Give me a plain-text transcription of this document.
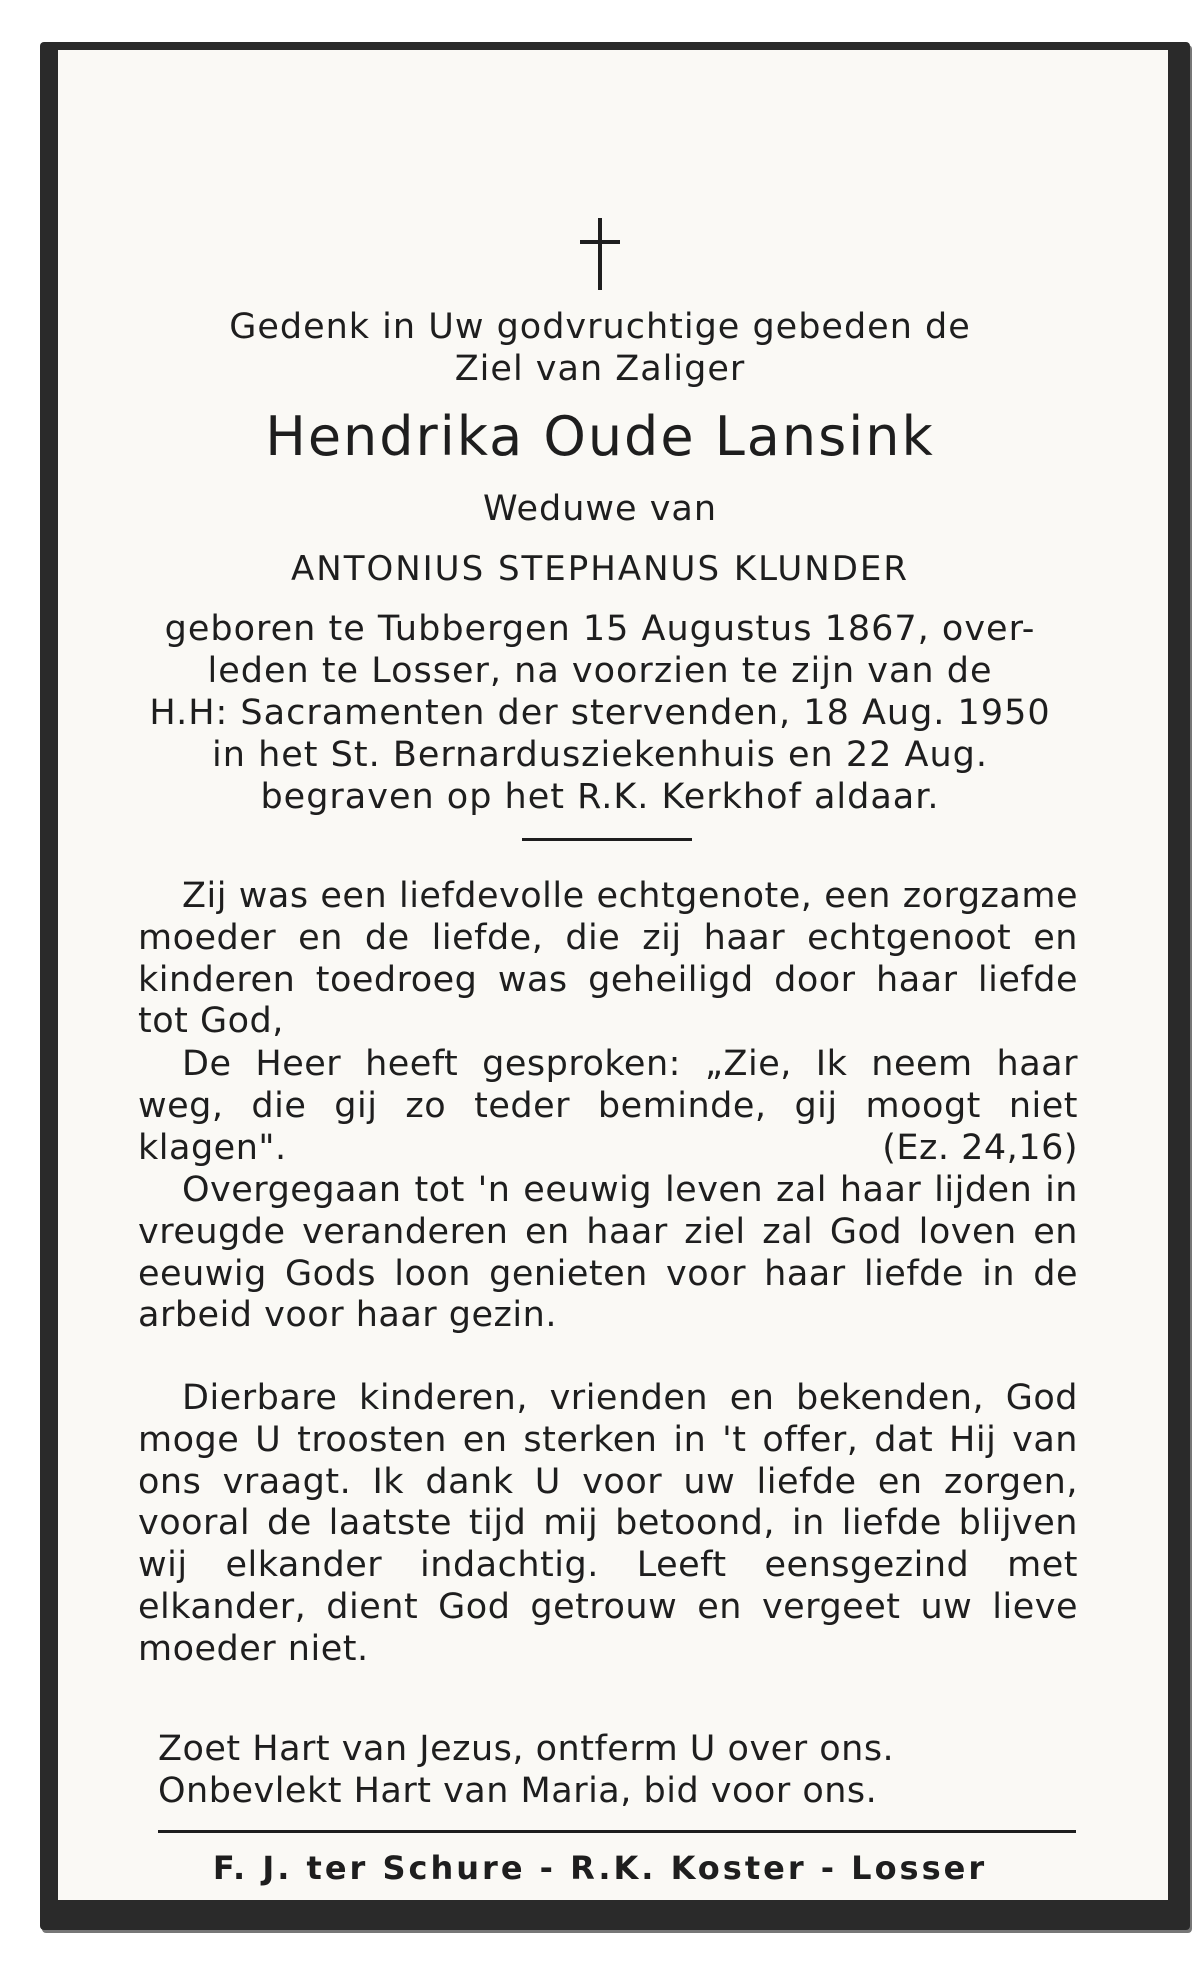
Gedenk in Uw godvruchtige gebeden de
Ziel van Zaliger
Hendrika Oude Lansink
Weduwe van
ANTONIUS STEPHANUS KLUNDER
geboren te Tubbergen 15 Augustus 1867, over-
leden te Losser, na voorzien te zijn van de
H.H: Sacramenten der stervenden, 18 Aug. 1950
in het St. Bernardusziekenhuis en 22 Aug.
begraven op het R.K. Kerkhof aldaar.
Zij was een liefdevolle echtgenote, een zorgzame moeder en de liefde, die zij haar echtgenoot en kinderen toedroeg was geheiligd door haar liefde tot God,
De Heer heeft gesproken: „Zie, Ik neem haar weg, die gij zo teder beminde, gij moogt niet klagen".	(Ez. 24,16)
Overgegaan tot 'n eeuwig leven zal haar lijden in vreugde veranderen en haar ziel zal God loven en eeuwig Gods loon genieten voor haar liefde in de arbeid voor haar gezin.
Dierbare kinderen, vrienden en bekenden, God moge U troosten en sterken in 't offer, dat Hij van ons vraagt. Ik dank U voor uw liefde en zorgen, vooral de laatste tijd mij betoond, in liefde blijven wij elkander indachtig. Leeft eensgezind met elkander, dient God getrouw en vergeet uw lieve moeder niet.
Zoet Hart van Jezus, ontferm U over ons.
Onbevlekt Hart van Maria, bid voor ons.
F. J. ter Schure - R.K. Koster - Losser
